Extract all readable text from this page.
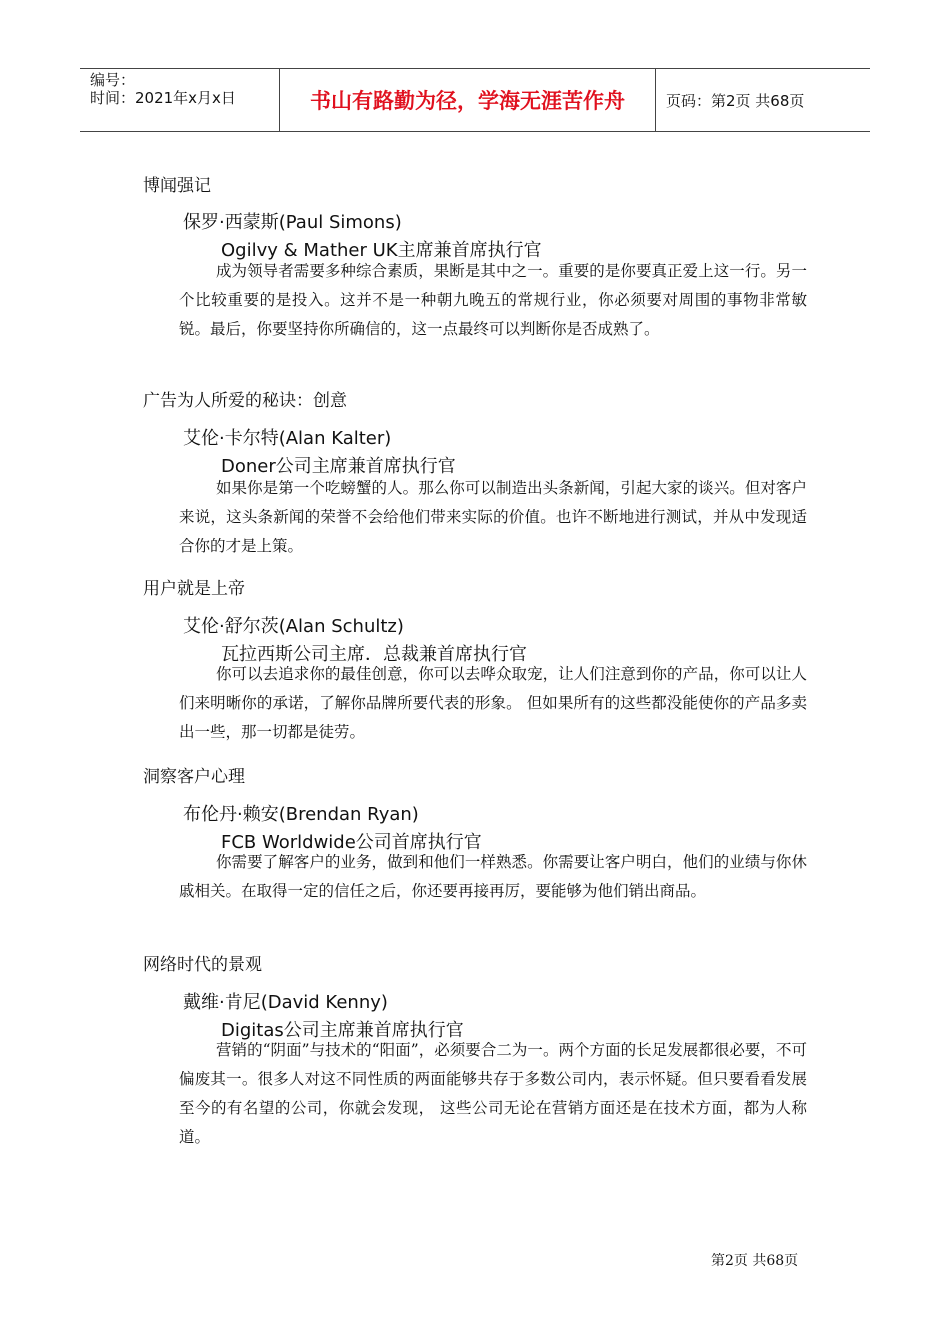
编号：
时间：2021年x月x日	书山有路勤为径，学海无涯苦作舟	页码：第2页 共68页
博闻强记
保罗·西蒙斯(Paul Simons)
Ogilvy & Mather UK主席兼首席执行官
成为领导者需要多种综合素质，果断是其中之一。重要的是你要真正爱上这一行。另一个比较重要的是投入。这并不是一种朝九晚五的常规行业，你必须要对周围的事物非常敏锐。最后，你要坚持你所确信的，这一点最终可以判断你是否成熟了。
广告为人所爱的秘诀：创意
艾伦·卡尔特(Alan Kalter)
Doner公司主席兼首席执行官
如果你是第一个吃螃蟹的人。那么你可以制造出头条新闻，引起大家的谈兴。但对客户来说，这头条新闻的荣誉不会给他们带来实际的价值。也许不断地进行测试，并从中发现适合你的才是上策。
用户就是上帝
艾伦·舒尔茨(Alan Schultz)
瓦拉西斯公司主席．总裁兼首席执行官
你可以去追求你的最佳创意，你可以去哗众取宠，让人们注意到你的产品，你可以让人们来明晰你的承诺，了解你品牌所要代表的形象。 但如果所有的这些都没能使你的产品多卖出一些，那一切都是徒劳。
洞察客户心理
布伦丹·赖安(Brendan Ryan)
FCB Worldwide公司首席执行官
你需要了解客户的业务，做到和他们一样熟悉。你需要让客户明白，他们的业绩与你休戚相关。在取得一定的信任之后，你还要再接再厉，要能够为他们销出商品。
网络时代的景观
戴维·肯尼(David Kenny)
Digitas公司主席兼首席执行官
营销的“阴面”与技术的“阳面”，必须要合二为一。两个方面的长足发展都很必要，不可偏废其一。很多人对这不同性质的两面能够共存于多数公司内，表示怀疑。但只要看看发展至今的有名望的公司，你就会发现， 这些公司无论在营销方面还是在技术方面，都为人称道。
第2页 共68页
